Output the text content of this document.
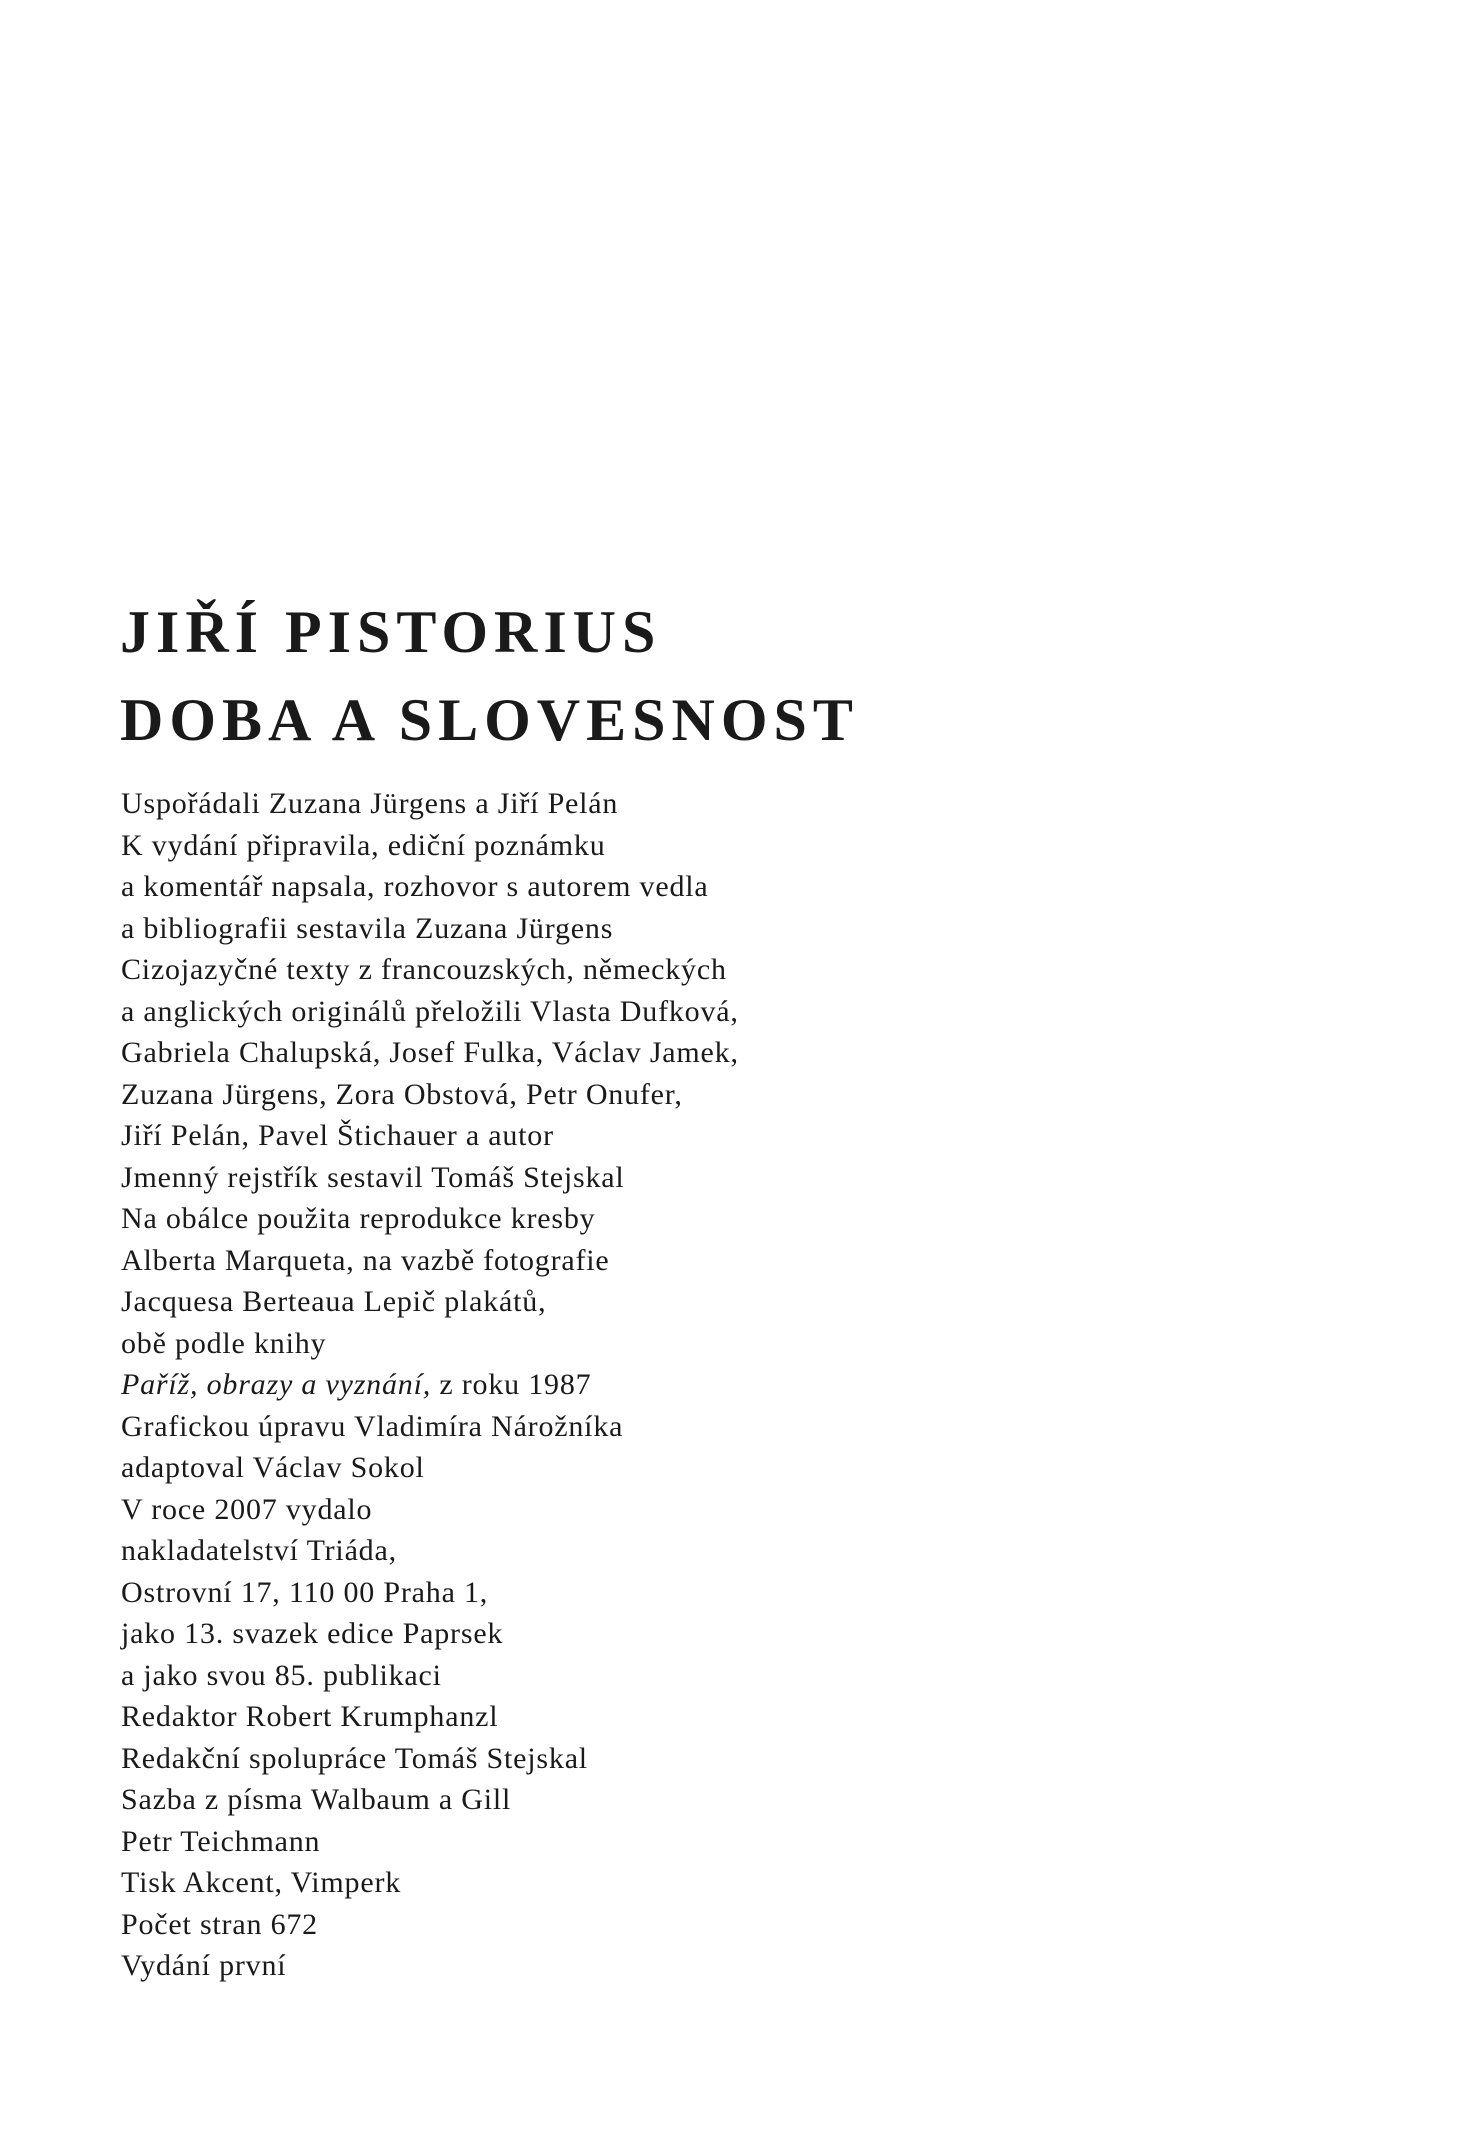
JIŘÍ PISTORIUS

DOBA A SLOVESNOST

Uspořádali Zuzana Jürgens a Jiří Pelán

K vydání připravila, ediční poznámku

a komentář napsala, rozhovor s autorem vedla

a bibliografii sestavila Zuzana Jürgens

Cizojazyčné texty z francouzských, německých

a anglických originálů přeložili Vlasta Dufková,

Gabriela Chalupská, Josef Fulka, Václav Jamek,

Zuzana Jürgens, Zora Obstová, Petr Onufer,

Jiří Pelán, Pavel Štichauer a autor

Jmenný rejstřík sestavil Tomáš Stejskal

Na obálce použita reprodukce kresby

Alberta Marqueta, na vazbě fotografie

Jacquesa Berteaua Lepič plakátů,

obě podle knihy

Paříž, obrazy a vyznání, z roku 1987

Grafickou úpravu Vladimíra Nárožníka

adaptoval Václav Sokol

V roce 2007 vydalo

nakladatelství Triáda,

Ostrovní 17, 110 00 Praha 1,

jako 13. svazek edice Paprsek

a jako svou 85. publikaci

Redaktor Robert Krumphanzl

Redakční spolupráce Tomáš Stejskal

Sazba z písma Walbaum a Gill

Petr Teichmann

Tisk Akcent, Vimperk

Počet stran 672

Vydání první
